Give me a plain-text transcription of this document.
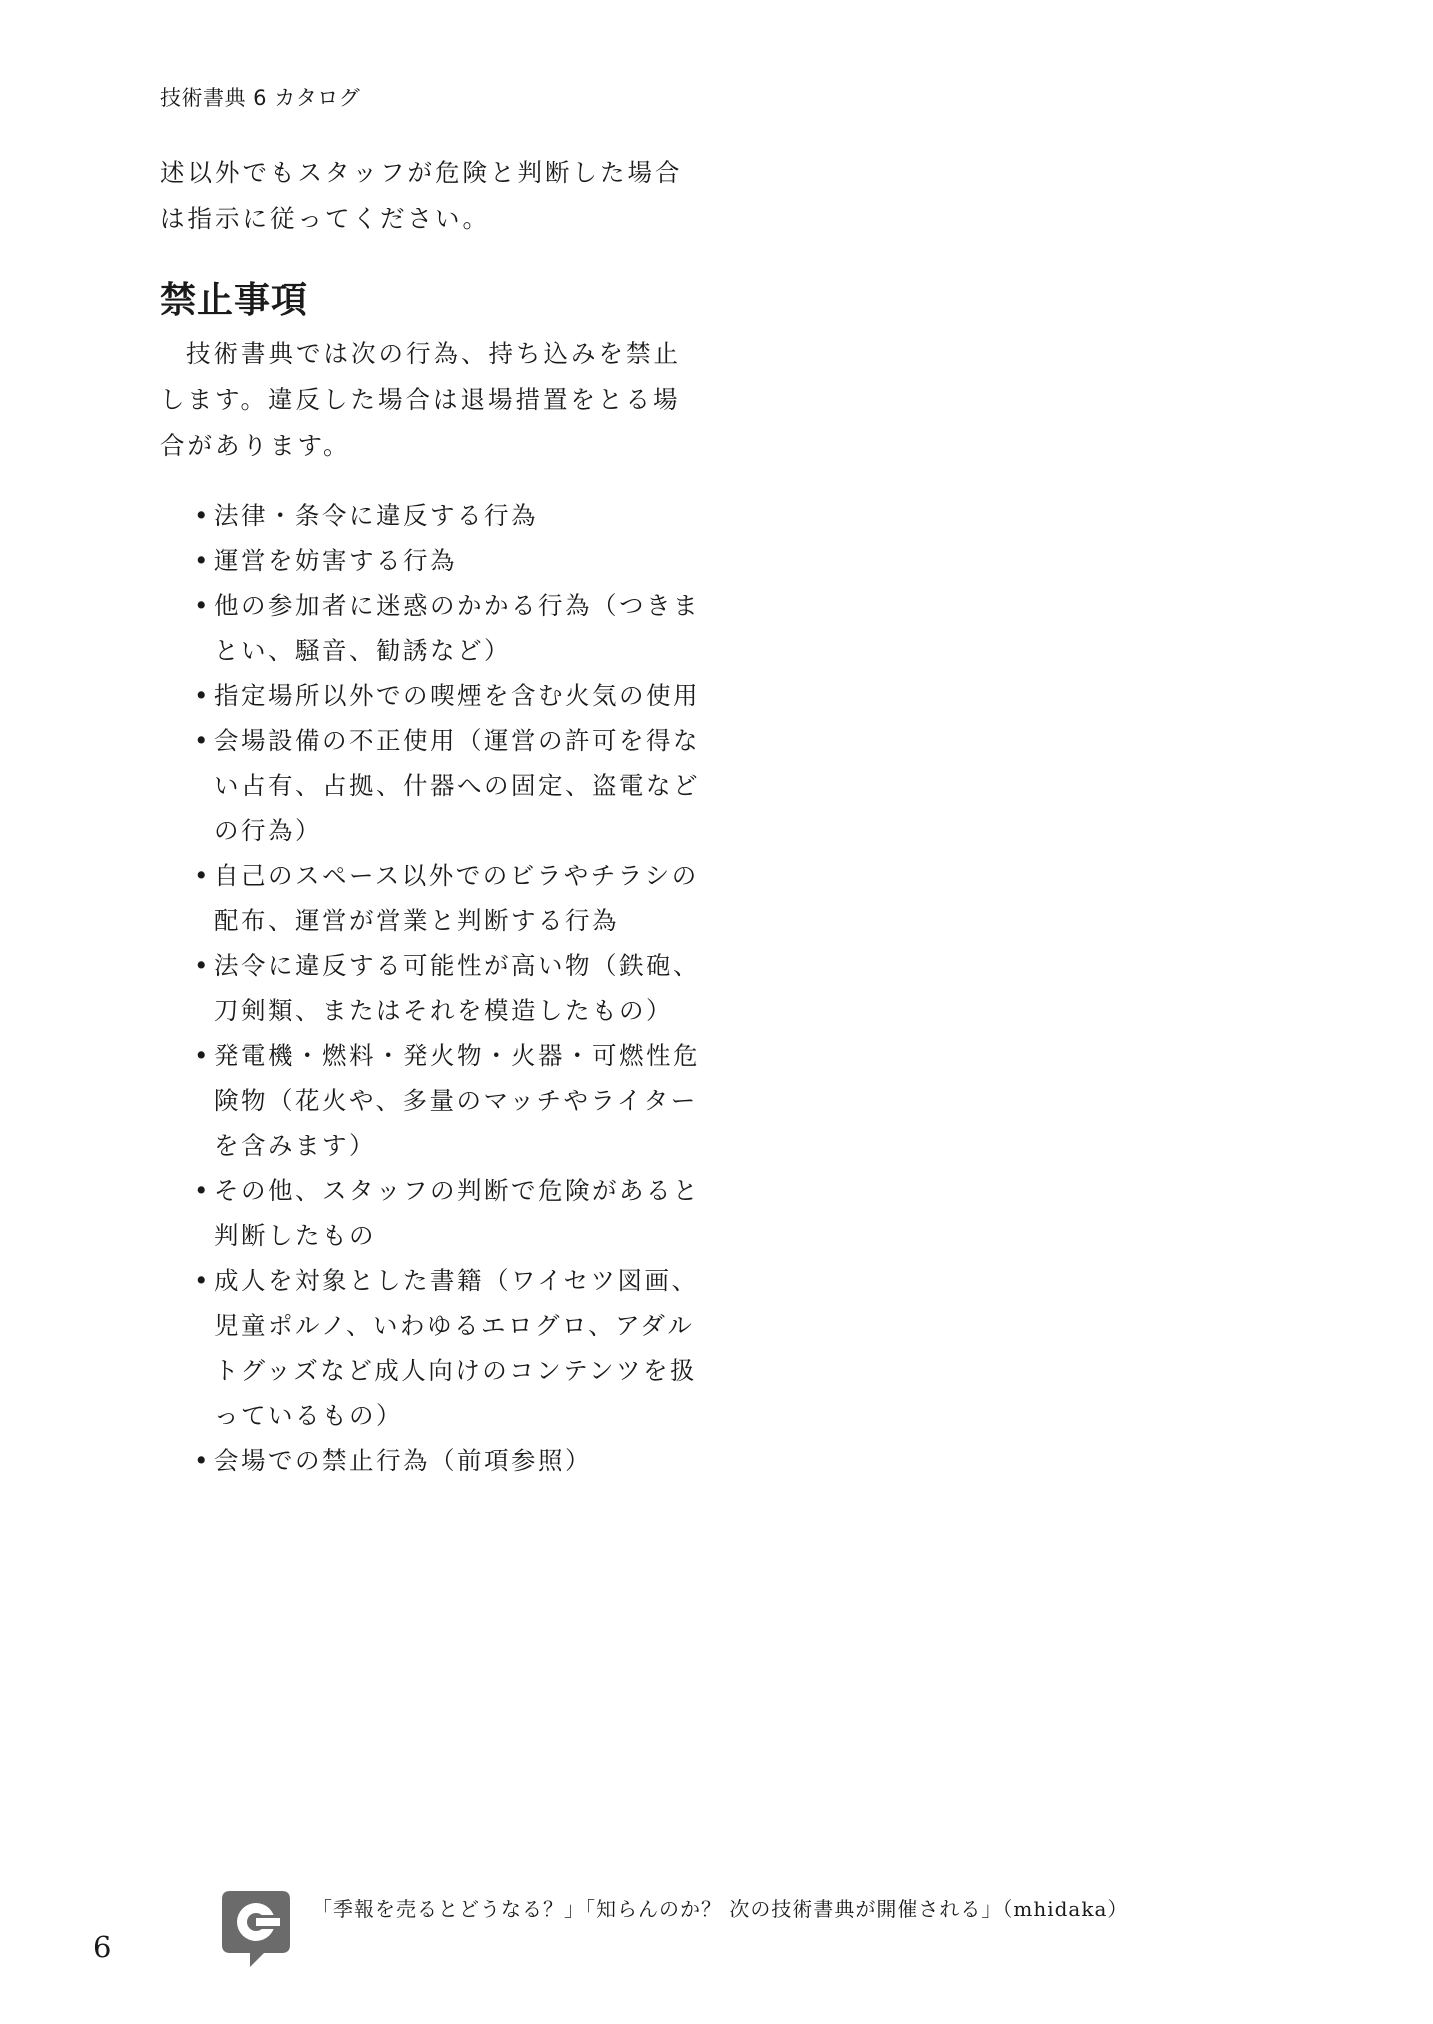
技術書典 6 カタログ

述以外でもスタッフが危険と判断した場合は指示に従ってください。

禁止事項

技術書典では次の行為、持ち込みを禁止します。違反した場合は退場措置をとる場合があります。

• 法律・条令に違反する行為
• 運営を妨害する行為
• 他の参加者に迷惑のかかる行為（つきまとい、騒音、勧誘など）
• 指定場所以外での喫煙を含む火気の使用
• 会場設備の不正使用（運営の許可を得ない占有、占拠、什器への固定、盗電などの行為）
• 自己のスペース以外でのビラやチラシの配布、運営が営業と判断する行為
• 法令に違反する可能性が高い物（鉄砲、刀剣類、またはそれを模造したもの）
• 発電機・燃料・発火物・火器・可燃性危険物（花火や、多量のマッチやライターを含みます）
• その他、スタッフの判断で危険があると判断したもの
• 成人を対象とした書籍（ワイセツ図画、児童ポルノ、いわゆるエログロ、アダルトグッズなど成人向けのコンテンツを扱っているもの）
• 会場での禁止行為（前項参照）
「季報を売るとどうなる？」「知らんのか？ 次の技術書典が開催される」（mhidaka）
6
